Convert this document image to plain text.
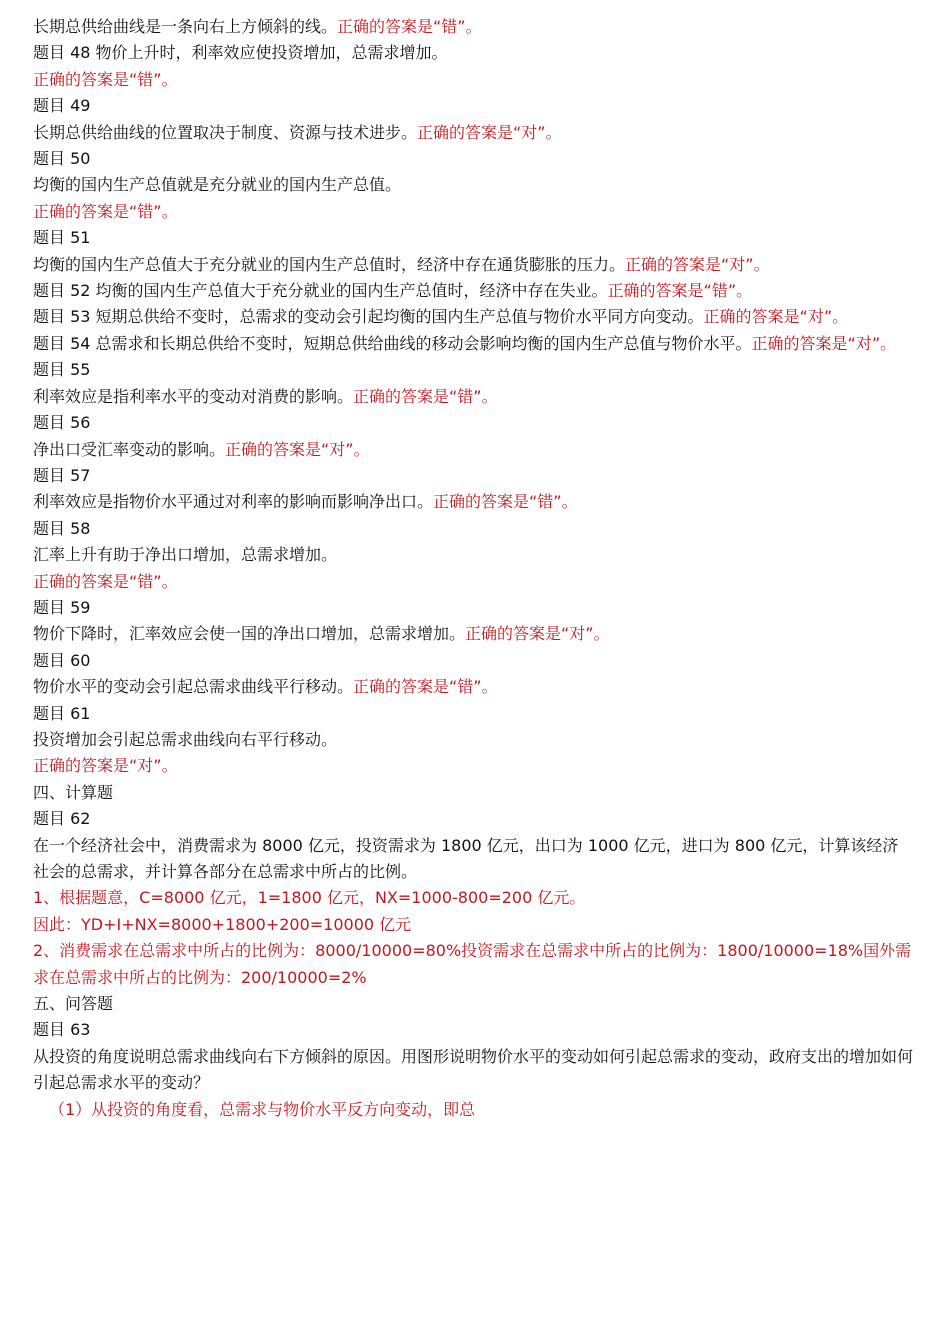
长期总供给曲线是一条向右上方倾斜的线。正确的答案是“错”。

题目 48 物价上升时，利率效应使投资增加，总需求增加。

正确的答案是“错”。

题目 49

长期总供给曲线的位置取决于制度、资源与技术进步。正确的答案是“对”。

题目 50

均衡的国内生产总值就是充分就业的国内生产总值。

正确的答案是“错”。

题目 51

均衡的国内生产总值大于充分就业的国内生产总值时，经济中存在通货膨胀的压力。正确的答案是“对”。

题目 52 均衡的国内生产总值大于充分就业的国内生产总值时，经济中存在失业。正确的答案是“错”。

题目 53 短期总供给不变时，总需求的变动会引起均衡的国内生产总值与物价水平同方向变动。正确的答案是“对”。

题目 54 总需求和长期总供给不变时，短期总供给曲线的移动会影响均衡的国内生产总值与物价水平。正确的答案是“对”。

题目 55

利率效应是指利率水平的变动对消费的影响。正确的答案是“错”。

题目 56

净出口受汇率变动的影响。正确的答案是“对”。

题目 57

利率效应是指物价水平通过对利率的影响而影响净出口。正确的答案是“错”。

题目 58

汇率上升有助于净出口增加，总需求增加。

正确的答案是“错”。

题目 59

物价下降时，汇率效应会使一国的净出口增加，总需求增加。正确的答案是“对”。

题目 60

物价水平的变动会引起总需求曲线平行移动。正确的答案是“错”。

题目 61

投资增加会引起总需求曲线向右平行移动。

正确的答案是“对”。

四、计算题

题目 62

在一个经济社会中，消费需求为 8000 亿元，投资需求为 1800 亿元，出口为 1000 亿元，进口为 800 亿元，计算该经济社会的总需求，并计算各部分在总需求中所占的比例。

1、根据题意，C=8000 亿元，1=1800 亿元，NX=1000-800=200 亿元。

因此：YD+I+NX=8000+1800+200=10000 亿元

2、消费需求在总需求中所占的比例为：8000/10000=80%投资需求在总需求中所占的比例为：1800/10000=18%国外需求在总需求中所占的比例为：200/10000=2%

五、问答题

题目 63

从投资的角度说明总需求曲线向右下方倾斜的原因。用图形说明物价水平的变动如何引起总需求的变动，政府支出的增加如何引起总需求水平的变动？

（1）从投资的角度看，总需求与物价水平反方向变动，即总
